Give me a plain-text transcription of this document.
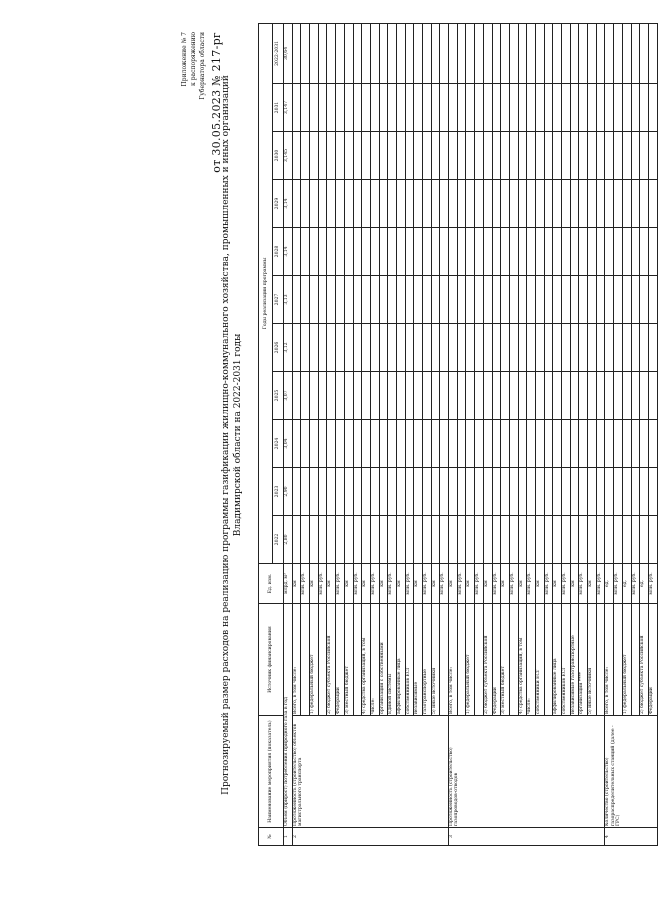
Приложение № 7 к распоряжению Губернатора области от 30.05.2023 № 217-рг
Прогнозируемый размер расходов на реализацию программы газификации жилищно-коммунального хозяйства, промышленных и иных организаций Владимирской области на 2022-2031 годы
№	Наименование мероприятия (показатель)	Источник финансирования	Ед. изм.	Годы реализации программы										
				2022	2023	2024	2025	2026	2027	2028	2029	2030	2031	2022-2031
1	Объем (прирост) потребления природного газа в год		млрд. м³	2,80	2,90	3,04	3,07	3,12	3,13	3,14	3,14	3,145	3,147	30,64
2	Протяженность (строительство) объектов магистрального транспорта	Всего, в том числе:	км											
			млн. руб.											
		1) федеральный бюджет	км											
			млн. руб.											
		2) бюджет субъекта Российской	км											
		Федерации	млн. руб.											
		3) местный бюджет	км											
			млн. руб.											
		4) средства организаций, в том	км											
		числе:	млн. руб.											
		организации с собственными	км											
		Единой системы	млн. руб.											
		аффилированные лица	км											
		собственников ЕСГ	млн. руб.											
		независимые	км											
		газотранспортные	млн. руб.											
		5) иные источники	км											
			млн. руб.											
3	Протяженность (строительство) газопроводов-отводов	Всего, в том числе:	км											
			млн. руб.											
		1) федеральный бюджет	км											
			млн. руб.											
		2) бюджет субъекта Российской	км											
		Федерации	млн. руб.											
		3) местный бюджет	км											
			млн. руб.											
		4) средства организаций, в том	км											
		числе:	млн. руб.											
		собственники ЕСГ	км											
			млн. руб.											
		аффилированные лица	км											
		собственников ЕСГ	млн. руб.											
		независимые газотранспортные	км											
		организации ****	млн. руб.											
		5) иные источники	км											
			млн. руб.											
4	Количество (строительство) газораспределительных станций (далее - ГРС)	Всего, в том числе:	ед.											
			млн. руб.											
		1) федеральный бюджет	ед.											
			млн. руб.											
		2) бюджет субъекта Российской	ед.											
		Федерации	млн. руб.											
